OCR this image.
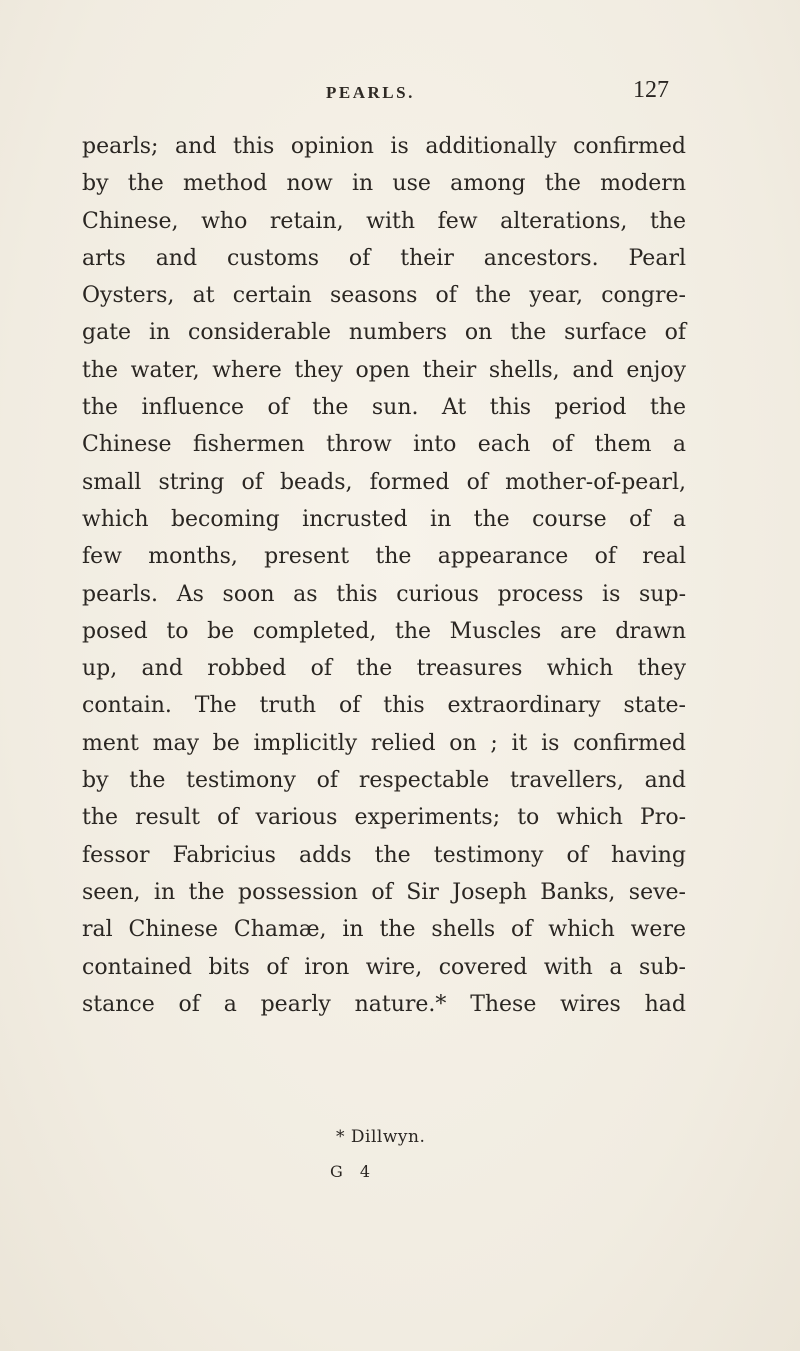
PEARLS.	127
pearls; and this opinion is additionally confirmed
by the method now in use among the modern
Chinese, who retain, with few alterations, the
arts and customs of their ancestors. Pearl
Oysters, at certain seasons of the year, congre-
gate in considerable numbers on the surface of
the water, where they open their shells, and enjoy
the influence of the sun. At this period the
Chinese fishermen throw into each of them a
small string of beads, formed of mother-of-pearl,
which becoming incrusted in the course of a
few months, present the appearance of real
pearls. As soon as this curious process is sup-
posed to be completed, the Muscles are drawn
up, and robbed of the treasures which they
contain. The truth of this extraordinary state-
ment may be implicitly relied on ; it is confirmed
by the testimony of respectable travellers, and
the result of various experiments; to which Pro-
fessor Fabricius adds the testimony of having
seen, in the possession of Sir Joseph Banks, seve-
ral Chinese Chamæ, in the shells of which were
contained bits of iron wire, covered with a sub-
stance of a pearly nature.* These wires had
* Dillwyn.
G 4
